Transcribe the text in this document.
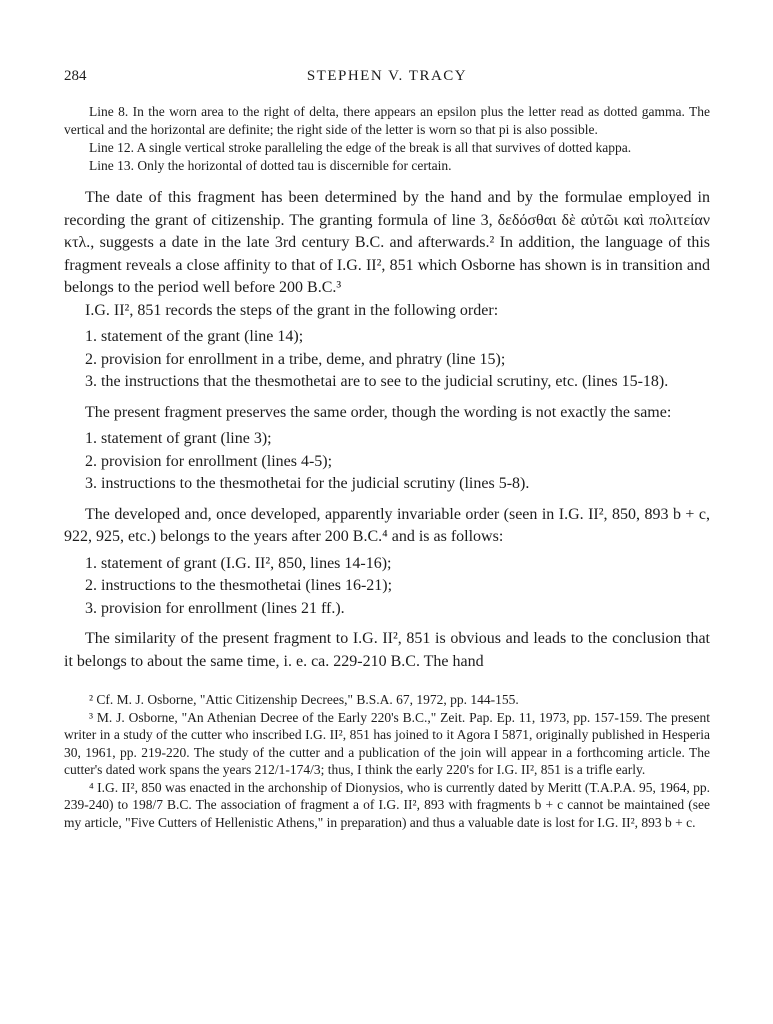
284	STEPHEN V. TRACY

Line 8. In the worn area to the right of delta, there appears an epsilon plus the letter read as dotted gamma. The vertical and the horizontal are definite; the right side of the letter is worn so that pi is also possible.

Line 12. A single vertical stroke paralleling the edge of the break is all that survives of dotted kappa.

Line 13. Only the horizontal of dotted tau is discernible for certain.

The date of this fragment has been determined by the hand and by the formulae employed in recording the grant of citizenship. The granting formula of line 3, δεδόσθαι δὲ αὐτῶι καὶ πολιτείαν κτλ., suggests a date in the late 3rd century B.C. and afterwards.² In addition, the language of this fragment reveals a close affinity to that of I.G. II², 851 which Osborne has shown is in transition and belongs to the period well before 200 B.C.³

I.G. II², 851 records the steps of the grant in the following order:

1. statement of the grant (line 14);
2. provision for enrollment in a tribe, deme, and phratry (line 15);
3. the instructions that the thesmothetai are to see to the judicial scrutiny, etc. (lines 15-18).

The present fragment preserves the same order, though the wording is not exactly the same:

1. statement of grant (line 3);
2. provision for enrollment (lines 4-5);
3. instructions to the thesmothetai for the judicial scrutiny (lines 5-8).

The developed and, once developed, apparently invariable order (seen in I.G. II², 850, 893 b + c, 922, 925, etc.) belongs to the years after 200 B.C.⁴ and is as follows:

1. statement of grant (I.G. II², 850, lines 14-16);
2. instructions to the thesmothetai (lines 16-21);
3. provision for enrollment (lines 21 ff.).

The similarity of the present fragment to I.G. II², 851 is obvious and leads to the conclusion that it belongs to about the same time, i. e. ca. 229-210 B.C. The hand

² Cf. M. J. Osborne, "Attic Citizenship Decrees," B.S.A. 67, 1972, pp. 144-155.

³ M. J. Osborne, "An Athenian Decree of the Early 220's B.C.," Zeit. Pap. Ep. 11, 1973, pp. 157-159. The present writer in a study of the cutter who inscribed I.G. II², 851 has joined to it Agora I 5871, originally published in Hesperia 30, 1961, pp. 219-220. The study of the cutter and a publication of the join will appear in a forthcoming article. The cutter's dated work spans the years 212/1-174/3; thus, I think the early 220's for I.G. II², 851 is a trifle early.

⁴ I.G. II², 850 was enacted in the archonship of Dionysios, who is currently dated by Meritt (T.A.P.A. 95, 1964, pp. 239-240) to 198/7 B.C. The association of fragment a of I.G. II², 893 with fragments b + c cannot be maintained (see my article, "Five Cutters of Hellenistic Athens," in preparation) and thus a valuable date is lost for I.G. II², 893 b + c.
